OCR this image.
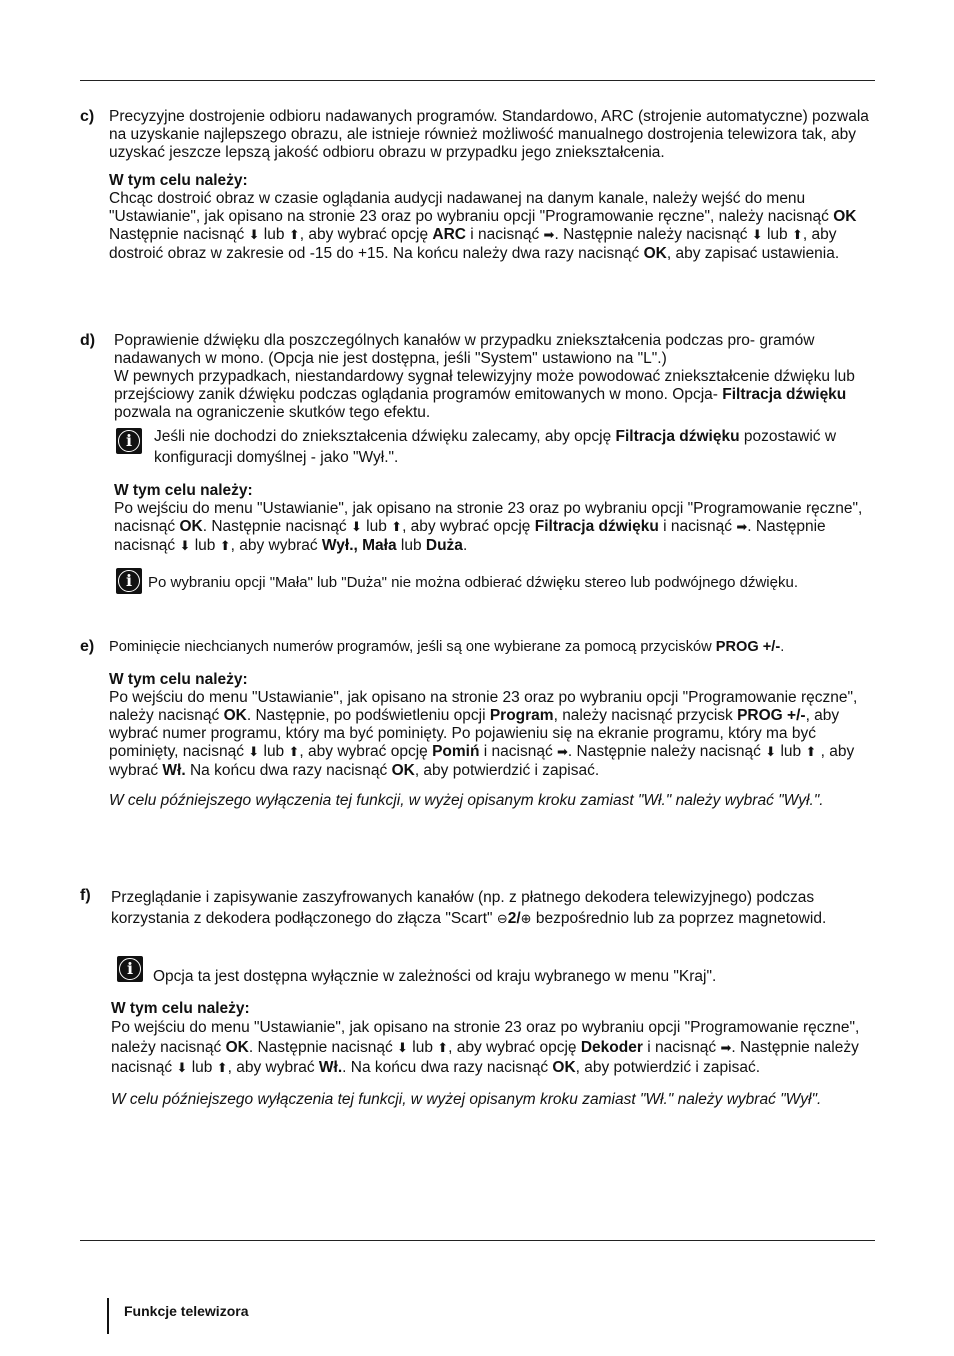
c) Precyzyjne dostrojenie odbioru nadawanych programów. Standardowo, ARC (strojenie automatyczne) pozwala na uzyskanie najlepszego obrazu, ale istnieje również możliwość manualnego dostrojenia telewizora tak, aby uzyskać jeszcze lepszą jakość odbioru obrazu w przypadku jego zniekształcenia.

W tym celu należy:

Chcąc dostroić obraz w czasie oglądania audycji nadawanej na danym kanale, należy wejść do menu "Ustawianie", jak opisano na stronie 23 oraz po wybraniu opcji "Programowanie ręczne", należy nacisnąć OK Następnie nacisnąć ⬇ lub ⬆, aby wybrać opcję ARC i nacisnąć ➡. Następnie należy nacisnąć ⬇ lub ⬆, aby dostroić obraz w zakresie od -15 do +15. Na końcu należy dwa razy nacisnąć OK, aby zapisać ustawienia.

d) Poprawienie dźwięku dla poszczególnych kanałów w przypadku zniekształcenia podczas pro- gramów nadawanych w mono. (Opcja nie jest dostępna, jeśli "System" ustawiono na "L".)

W pewnych przypadkach, niestandardowy sygnał telewizyjny może powodować zniekształcenie dźwięku lub przejściowy zanik dźwięku podczas oglądania programów emitowanych w mono. Opcja- Filtracja dźwięku pozwala na ograniczenie skutków tego efektu.

i	Jeśli nie dochodzi do zniekształcenia dźwięku zalecamy, aby opcję Filtracja dźwięku pozostawić w konfiguracji domyślnej - jako "Wył.".

W tym celu należy:

Po wejściu do menu "Ustawianie", jak opisano na stronie 23 oraz po wybraniu opcji "Programowanie ręczne", nacisnąć OK. Następnie nacisnąć ⬇ lub ⬆, aby wybrać opcję Filtracja dźwięku i nacisnąć ➡. Następnie nacisnąć ⬇ lub ⬆, aby wybrać Wył., Mała lub Duża.

i	Po wybraniu opcji "Mała" lub "Duża" nie można odbierać dźwięku stereo lub podwójnego dźwięku.

e) Pominięcie niechcianych numerów programów, jeśli są one wybierane za pomocą przycisków PROG +/-.

W tym celu należy:

Po wejściu do menu "Ustawianie", jak opisano na stronie 23 oraz po wybraniu opcji "Programowanie ręczne", należy nacisnąć OK. Następnie, po podświetleniu opcji Program, należy nacisnąć przycisk PROG +/-, aby wybrać numer programu, który ma być pominięty. Po pojawieniu się na ekranie programu, który ma być pominięty, nacisnąć ⬇ lub ⬆, aby wybrać opcję Pomiń i nacisnąć ➡. Następnie należy nacisnąć ⬇ lub ⬆ , aby wybrać Wł. Na końcu dwa razy nacisnąć OK, aby potwierdzić i zapisać.

W celu późniejszego wyłączenia tej funkcji, w wyżej opisanym kroku zamiast "Wł." należy wybrać "Wył.".

f) Przeglądanie i zapisywanie zaszyfrowanych kanałów (np. z płatnego dekodera telewizyjnego) podczas korzystania z dekodera podłączonego do złącza "Scart" ⊖2/⊕ bezpośrednio lub za poprzez magnetowid.

i	Opcja ta jest dostępna wyłącznie w zależności od kraju wybranego w menu "Kraj".

W tym celu należy:

Po wejściu do menu "Ustawianie", jak opisano na stronie 23 oraz po wybraniu opcji "Programowanie ręczne", należy nacisnąć OK. Następnie nacisnąć ⬇ lub ⬆, aby wybrać opcję Dekoder i nacisnąć ➡. Następnie należy nacisnąć ⬇ lub ⬆, aby wybrać Wł.. Na końcu dwa razy nacisnąć OK, aby potwierdzić i zapisać.

W celu późniejszego wyłączenia tej funkcji, w wyżej opisanym kroku zamiast "Wł." należy wybrać "Wył".

Funkcje telewizora
